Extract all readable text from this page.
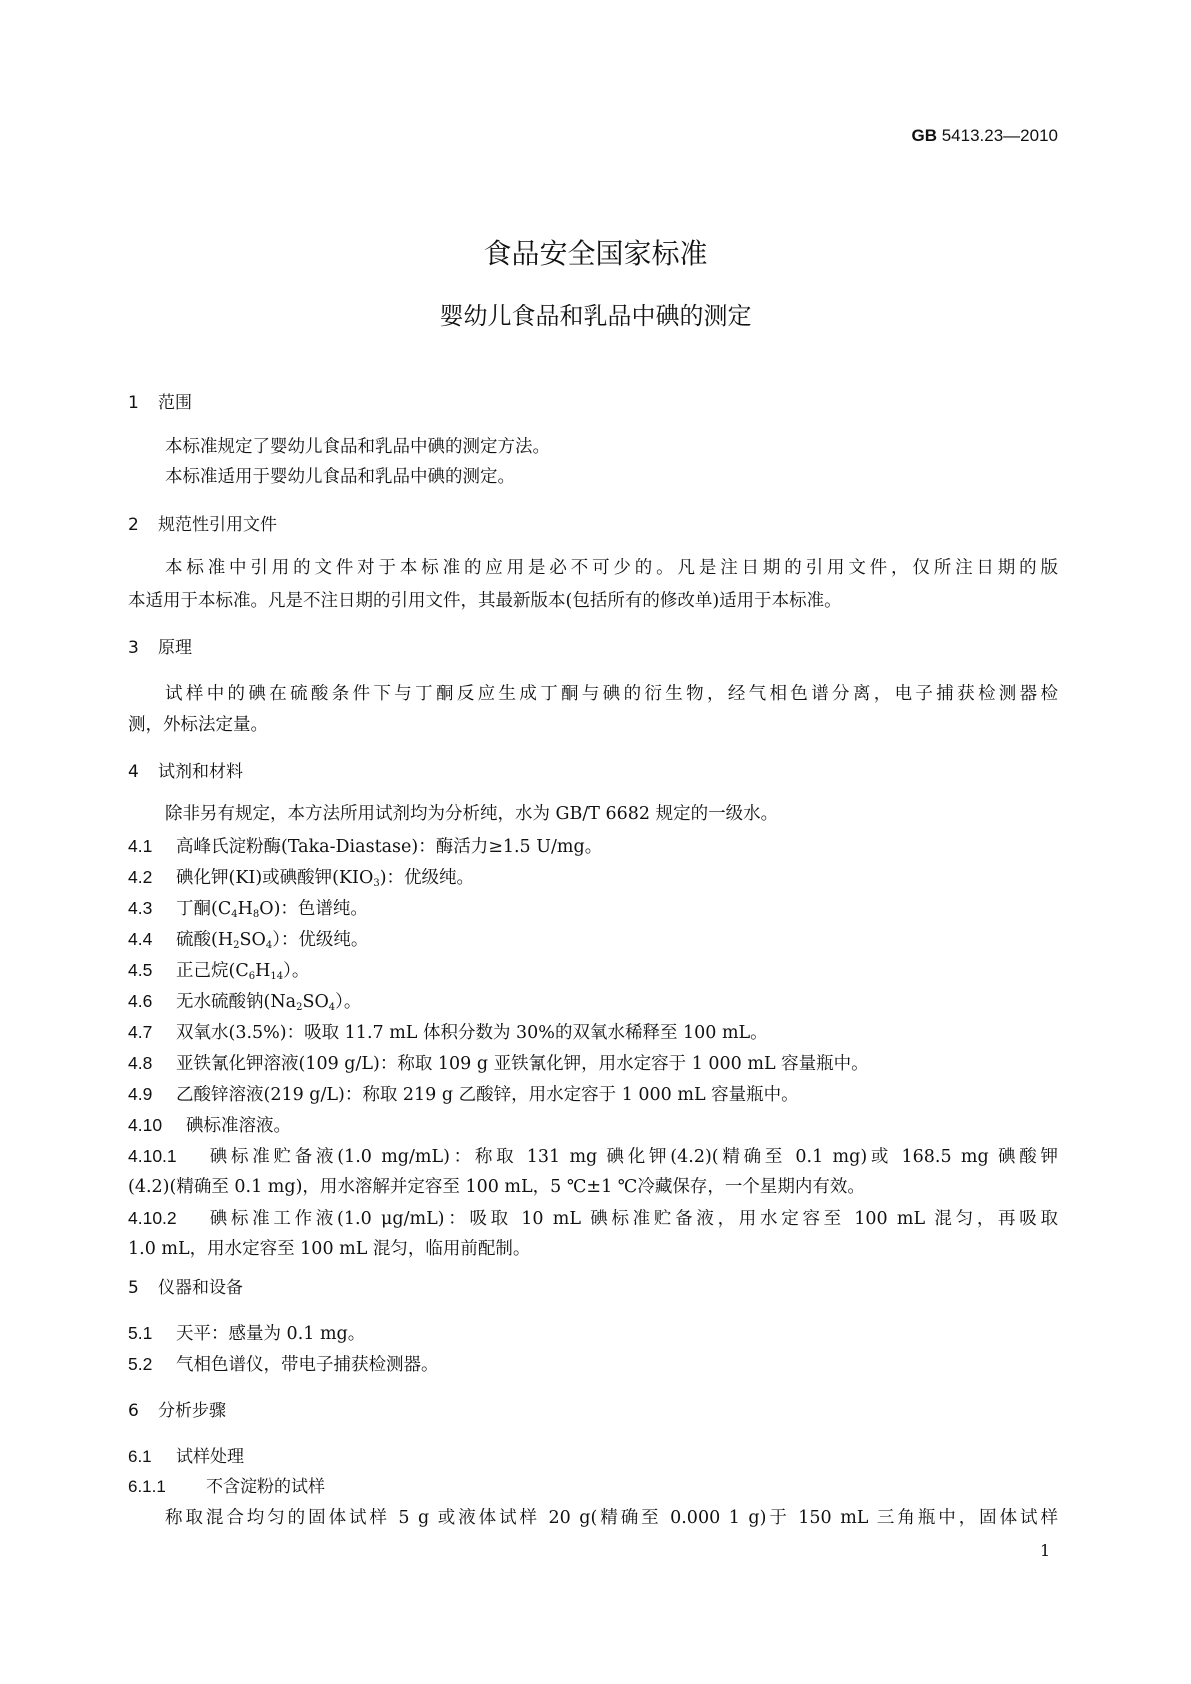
GB 5413.23—2010
食品安全国家标准
婴幼儿食品和乳品中碘的测定
1 范围
本标准规定了婴幼儿食品和乳品中碘的测定方法。
本标准适用于婴幼儿食品和乳品中碘的测定。
2 规范性引用文件
本标准中引用的文件对于本标准的应用是必不可少的。凡是注日期的引用文件，仅所注日期的版
本适用于本标准。凡是不注日期的引用文件，其最新版本(包括所有的修改单)适用于本标准。
3 原理
试样中的碘在硫酸条件下与丁酮反应生成丁酮与碘的衍生物，经气相色谱分离，电子捕获检测器检
测，外标法定量。
4 试剂和材料
除非另有规定，本方法所用试剂均为分析纯，水为 GB/T 6682 规定的一级水。
4.1 高峰氏淀粉酶(Taka-Diastase)：酶活力≥1.5 U/mg。
4.2 碘化钾(KI)或碘酸钾$(KIO_3)$：优级纯。
4.3 丁酮$(C_4H_8O)$：色谱纯。
4.4 硫酸$(H_2SO_4)$：优级纯。
4.5 正己烷$(C_6H_{14})$。
4.6 无水硫酸钠$(Na_2SO_4)$。
4.7 双氧水(3.5%)：吸取 11.7 mL 体积分数为 30%的双氧水稀释至 100 mL。
4.8 亚铁氰化钾溶液(109 g/L)：称取 109 g 亚铁氰化钾，用水定容于 1 000 mL 容量瓶中。
4.9 乙酸锌溶液(219 g/L)：称取 219 g 乙酸锌，用水定容于 1 000 mL 容量瓶中。
4.10 碘标准溶液。
4.10.1 碘标准贮备液(1.0 mg/mL)：称取 131 mg 碘化钾(4.2)(精确至 0.1 mg)或 168.5 mg 碘酸钾
(4.2)(精确至 0.1 mg)，用水溶解并定容至 100 mL，5 ℃±1 ℃冷藏保存，一个星期内有效。
4.10.2 碘标准工作液(1.0 μg/mL)：吸取 10 mL 碘标准贮备液，用水定容至 100 mL 混匀，再吸取
1.0 mL，用水定容至 100 mL 混匀，临用前配制。
5 仪器和设备
5.1 天平：感量为 0.1 mg。
5.2 气相色谱仪，带电子捕获检测器。
6 分析步骤
6.1 试样处理
6.1.1 不含淀粉的试样
称取混合均匀的固体试样 5 g 或液体试样 20 g(精确至 0.000 1 g)于 150 mL 三角瓶中，固体试样
1
